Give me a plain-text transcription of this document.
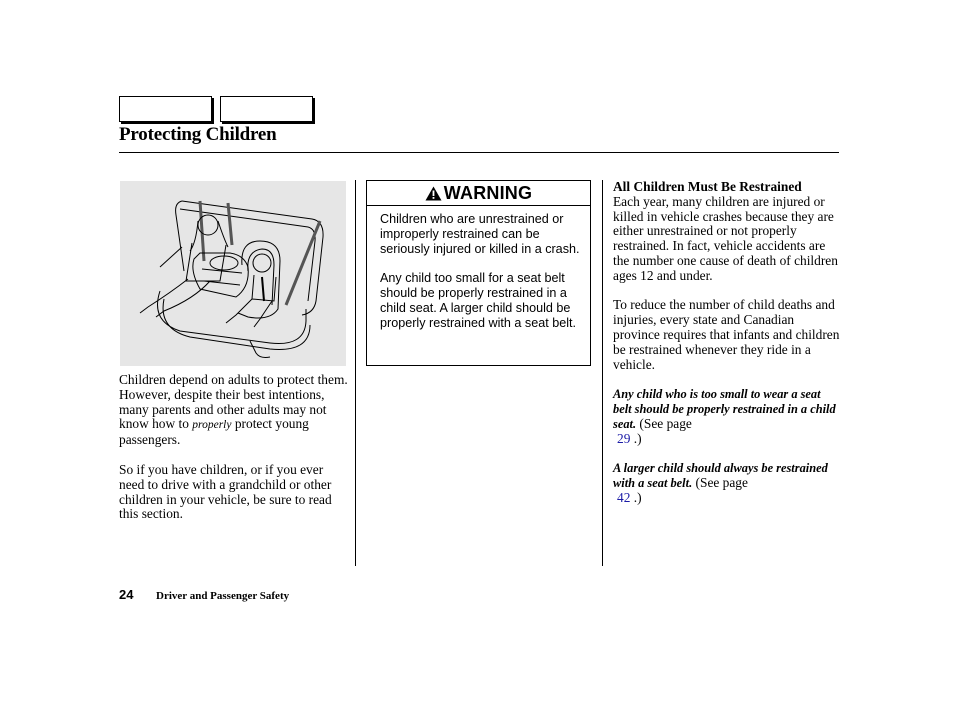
Protecting Children

Children depend on adults to protect them. However, despite their best intentions, many parents and other adults may not know how to properly protect young passengers.

So if you have children, or if you ever need to drive with a grandchild or other children in your vehicle, be sure to read this section.

WARNING

Children who are unrestrained or improperly restrained can be seriously injured or killed in a crash.

Any child too small for a seat belt should be properly restrained in a child seat. A larger child should be properly restrained with a seat belt.

All Children Must Be Restrained
Each year, many children are injured or killed in vehicle crashes because they are either unrestrained or not properly restrained. In fact, vehicle accidents are the number one cause of death of children ages 12 and under.

To reduce the number of child deaths and injuries, every state and Canadian province requires that infants and children be restrained whenever they ride in a vehicle.

Any child who is too small to wear a seat belt should be properly restrained in a child seat. (See page
29 .)

A larger child should always be restrained with a seat belt. (See page
42 .)

24 Driver and Passenger Safety
